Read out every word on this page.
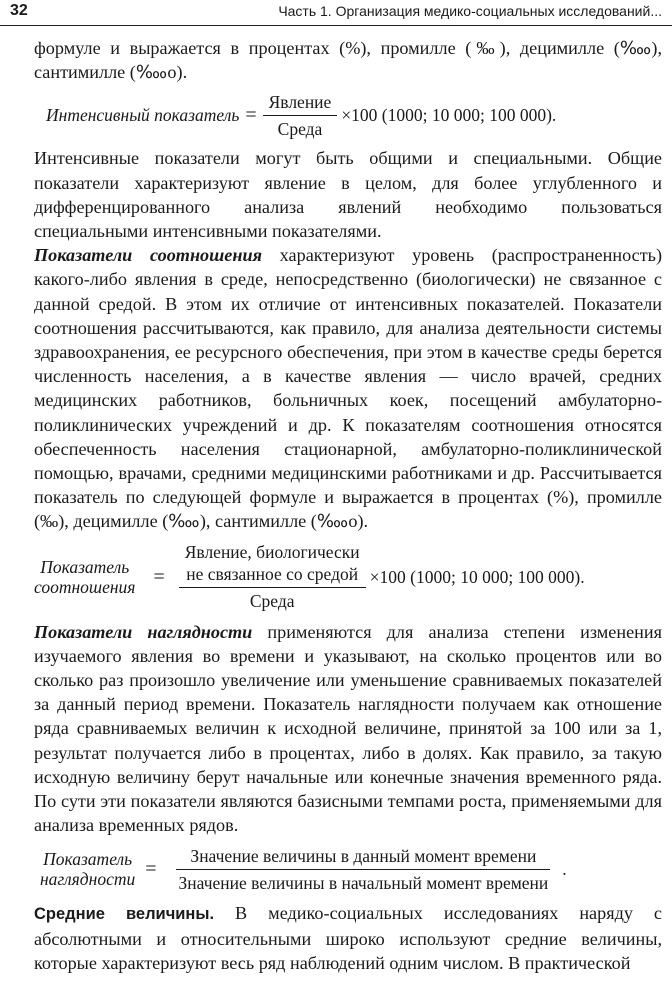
32	Часть 1. Организация медико-социальных исследований...

формуле и выражается в процентах (%), промилле (‰), децимилле (‱), сантимилле (‱о).

Интенсивный показатель = $\frac{\text{Явление}}{\text{Среда}} \times 100$ (1000; 10 000; 100 000).

Интенсивные показатели могут быть общими и специальными. Общие показатели характеризуют явление в целом, для более углубленного и дифференцированного анализа явлений необходимо пользоваться специальными интенсивными показателями.

Показатели соотношения характеризуют уровень (распространенность) какого-либо явления в среде, непосредственно (биологически) не связанное с данной средой. В этом их отличие от интенсивных показателей. Показатели соотношения рассчитываются, как правило, для анализа деятельности системы здравоохранения, ее ресурсного обеспечения, при этом в качестве среды берется численность населения, а в качестве явления — число врачей, средних медицинских работников, больничных коек, посещений амбулаторно-поликлинических учреждений и др. К показателям соотношения относятся обеспеченность населения стационарной, амбулаторно-поликлинической помощью, врачами, средними медицинскими работниками и др. Рассчитывается показатель по следующей формуле и выражается в процентах (%), промилле (‰), децимилле (‱), сантимилле (‱о).

Показатель
соотношения = Явление, биологически
не связанное со средой
Среда ×100 (1000; 10 000; 100 000).

Показатели наглядности применяются для анализа степени изменения изучаемого явления во времени и указывают, на сколько процентов или во сколько раз произошло увеличение или уменьшение сравниваемых показателей за данный период времени. Показатель наглядности получаем как отношение ряда сравниваемых величин к исходной величине, принятой за 100 или за 1, результат получается либо в процентах, либо в долях. Как правило, за такую исходную величину берут начальные или конечные значения временного ряда. По сути эти показатели являются базисными темпами роста, применяемыми для анализа временных рядов.

Показатель
наглядности = $\frac{\text{Значение величины в данный момент времени}}{\text{Значение величины в начальный момент времени}}$ .

Средние величины. В медико-социальных исследованиях наряду с абсолютными и относительными широко используют средние величины, которые характеризуют весь ряд наблюдений одним числом. В практической
